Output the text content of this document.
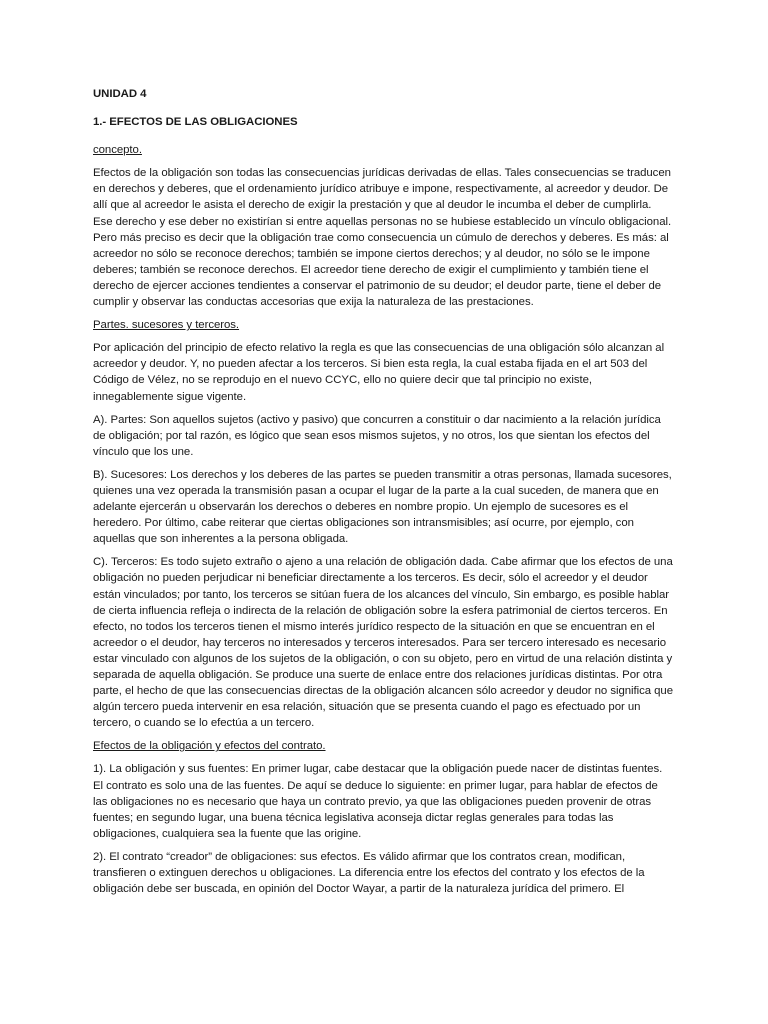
UNIDAD 4
1.- EFECTOS DE LAS OBLIGACIONES
concepto.

Efectos de la obligación son todas las consecuencias jurídicas derivadas de ellas. Tales consecuencias se traducen en derechos y deberes, que el ordenamiento jurídico atribuye e impone, respectivamente, al acreedor y deudor. De allí que al acreedor le asista el derecho de exigir la prestación y que al deudor le incumba el deber de cumplirla. Ese derecho y ese deber no existirían si entre aquellas personas no se hubiese establecido un vínculo obligacional. Pero más preciso es decir que la obligación trae como consecuencia un cúmulo de derechos y deberes. Es más: al acreedor no sólo se reconoce derechos; también se impone ciertos derechos; y al deudor, no sólo se le impone deberes; también se reconoce derechos. El acreedor tiene derecho de exigir el cumplimiento y también tiene el derecho de ejercer acciones tendientes a conservar el patrimonio de su deudor; el deudor parte, tiene el deber de cumplir y observar las conductas accesorias que exija la naturaleza de las prestaciones.

Partes. sucesores y terceros.

Por aplicación del principio de efecto relativo la regla es que las consecuencias de una obligación sólo alcanzan al acreedor y deudor. Y, no pueden afectar a los terceros. Si bien esta regla, la cual estaba fijada en el art 503 del Código de Vélez, no se reprodujo en el nuevo CCYC, ello no quiere decir que tal principio no existe, innegablemente sigue vigente.

A). Partes: Son aquellos sujetos (activo y pasivo) que concurren a constituir o dar nacimiento a la relación jurídica de obligación; por tal razón, es lógico que sean esos mismos sujetos, y no otros, los que sientan los efectos del vínculo que los une.

B). Sucesores: Los derechos y los deberes de las partes se pueden transmitir a otras personas, llamada sucesores, quienes una vez operada la transmisión pasan a ocupar el lugar de la parte a la cual suceden, de manera que en adelante ejercerán u observarán los derechos o deberes en nombre propio. Un ejemplo de sucesores es el heredero. Por último, cabe reiterar que ciertas obligaciones son intransmisibles; así ocurre, por ejemplo, con aquellas que son inherentes a la persona obligada.

C). Terceros: Es todo sujeto extraño o ajeno a una relación de obligación dada. Cabe afirmar que los efectos de una obligación no pueden perjudicar ni beneficiar directamente a los terceros. Es decir, sólo el acreedor y el deudor están vinculados; por tanto, los terceros se sitúan fuera de los alcances del vínculo, Sin embargo, es posible hablar de cierta influencia refleja o indirecta de la relación de obligación sobre la esfera patrimonial de ciertos terceros. En efecto, no todos los terceros tienen el mismo interés jurídico respecto de la situación en que se encuentran en el acreedor o el deudor, hay terceros no interesados y terceros interesados. Para ser tercero interesado es necesario estar vinculado con algunos de los sujetos de la obligación, o con su objeto, pero en virtud de una relación distinta y separada de aquella obligación. Se produce una suerte de enlace entre dos relaciones jurídicas distintas. Por otra parte, el hecho de que las consecuencias directas de la obligación alcancen sólo acreedor y deudor no significa que algún tercero pueda intervenir en esa relación, situación que se presenta cuando el pago es efectuado por un tercero, o cuando se lo efectúa a un tercero.

Efectos de la obligación y efectos del contrato.

1). La obligación y sus fuentes: En primer lugar, cabe destacar que la obligación puede nacer de distintas fuentes. El contrato es solo una de las fuentes. De aquí se deduce lo siguiente: en primer lugar, para hablar de efectos de las obligaciones no es necesario que haya un contrato previo, ya que las obligaciones pueden provenir de otras fuentes; en segundo lugar, una buena técnica legislativa aconseja dictar reglas generales para todas las obligaciones, cualquiera sea la fuente que las origine.

2). El contrato “creador” de obligaciones: sus efectos. Es válido afirmar que los contratos crean, modifican, transfieren o extinguen derechos u obligaciones. La diferencia entre los efectos del contrato y los efectos de la obligación debe ser buscada, en opinión del Doctor Wayar, a partir de la naturaleza jurídica del primero. El
